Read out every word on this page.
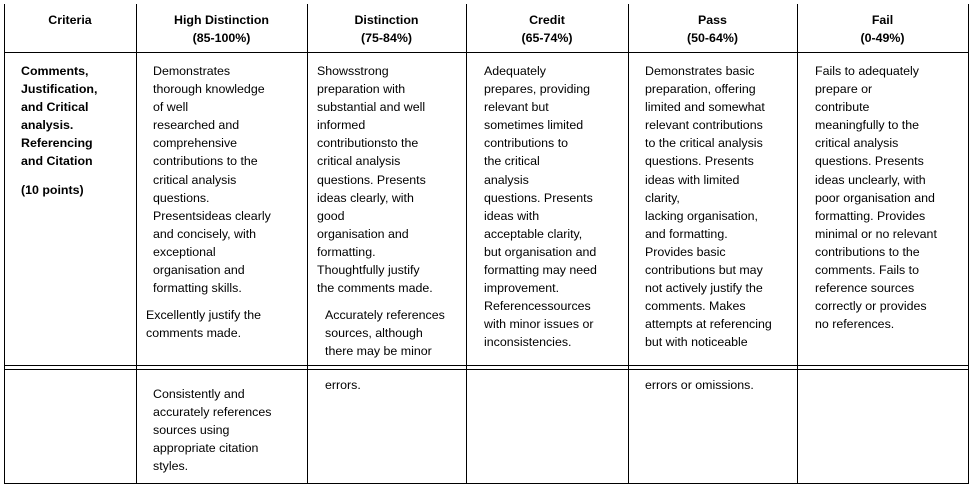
Criteria	High Distinction
(85-100%)
Distinction
(75-84%)
Credit
(65-74%)
Pass
(50-64%)
Fail
(0-49%)

Comments,
Justification,
and Critical
analysis.
Referencing
and Citation

(10 points)

Demonstrates
thorough knowledge
of well
researched and
comprehensive
contributions to the
critical analysis
questions.
Presentsideas clearly
and concisely, with
exceptional
organisation and
formatting skills.

Excellently justify the
comments made.

Consistently and
accurately references
sources using
appropriate citation
styles.

Showsstrong
preparation with
substantial and well
informed
contributionsto the
critical analysis
questions. Presents
ideas clearly, with
good
organisation and
formatting.
Thoughtfully justify
the comments made.

Accurately references
sources, although
there may be minor

errors.

Adequately
prepares, providing
relevant but
sometimes limited
contributions to
the critical
analysis
questions. Presents
ideas with
acceptable clarity,
but organisation and
formatting may need
improvement.
Referencessources
with minor issues or
inconsistencies.

Demonstrates basic
preparation, offering
limited and somewhat
relevant contributions
to the critical analysis
questions. Presents
ideas with limited
clarity,
lacking organisation,
and formatting.
Provides basic
contributions but may
not actively justify the
comments. Makes
attempts at referencing
but with noticeable

errors or omissions.

Fails to adequately
prepare or
contribute
meaningfully to the
critical analysis
questions. Presents
ideas unclearly, with
poor organisation and
formatting. Provides
minimal or no relevant
contributions to the
comments. Fails to
reference sources
correctly or provides
no references.
